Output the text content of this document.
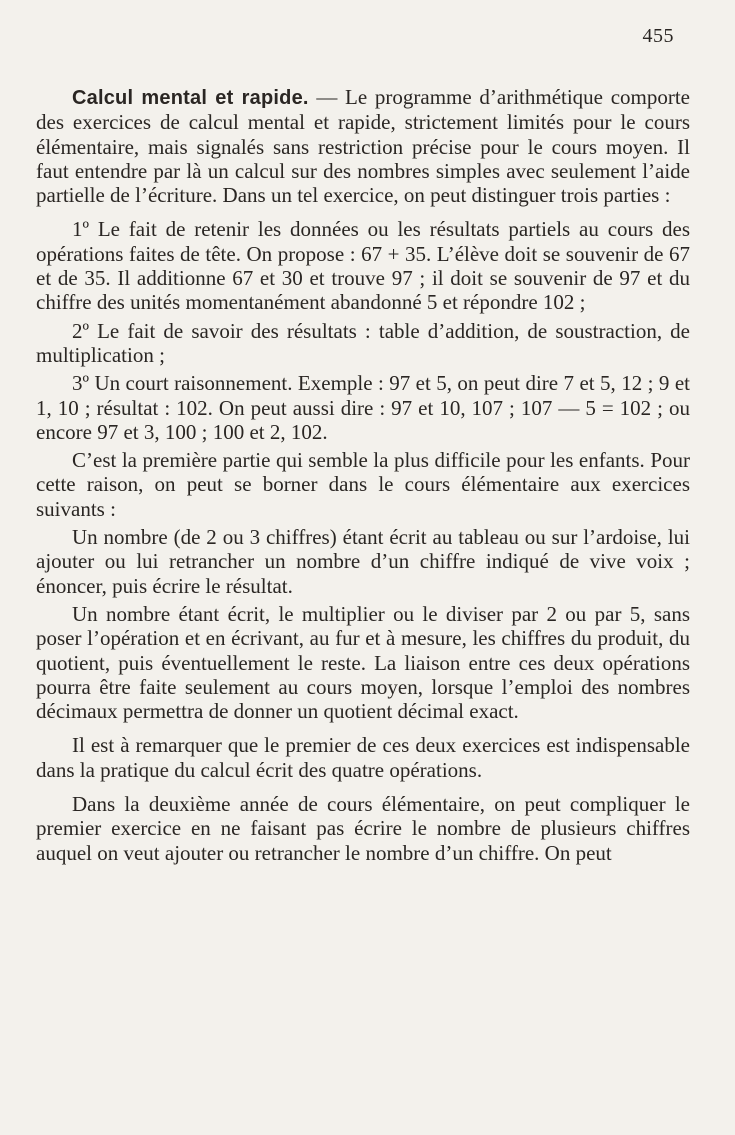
455

Calcul mental et rapide. — Le programme d’arithmétique comporte des exercices de calcul mental et rapide, strictement limités pour le cours élémentaire, mais signalés sans restriction précise pour le cours moyen. Il faut entendre par là un calcul sur des nombres simples avec seulement l’aide partielle de l’écriture. Dans un tel exercice, on peut distinguer trois parties :

1º Le fait de retenir les données ou les résultats partiels au cours des opérations faites de tête. On propose : 67 + 35. L’élève doit se souvenir de 67 et de 35. Il additionne 67 et 30 et trouve 97 ; il doit se souvenir de 97 et du chiffre des unités momentanément abandonné 5 et répondre 102 ;

2º Le fait de savoir des résultats : table d’addition, de soustraction, de multiplication ;

3º Un court raisonnement. Exemple : 97 et 5, on peut dire 7 et 5, 12 ; 9 et 1, 10 ; résultat : 102. On peut aussi dire : 97 et 10, 107 ; 107 — 5 = 102 ; ou encore 97 et 3, 100 ; 100 et 2, 102.

C’est la première partie qui semble la plus difficile pour les enfants. Pour cette raison, on peut se borner dans le cours élémentaire aux exercices suivants :

Un nombre (de 2 ou 3 chiffres) étant écrit au tableau ou sur l’ardoise, lui ajouter ou lui retrancher un nombre d’un chiffre indiqué de vive voix ; énoncer, puis écrire le résultat.

Un nombre étant écrit, le multiplier ou le diviser par 2 ou par 5, sans poser l’opération et en écrivant, au fur et à mesure, les chiffres du produit, du quotient, puis éventuellement le reste. La liaison entre ces deux opérations pourra être faite seulement au cours moyen, lorsque l’emploi des nombres décimaux permettra de donner un quotient décimal exact.

Il est à remarquer que le premier de ces deux exercices est indispensable dans la pratique du calcul écrit des quatre opérations.

Dans la deuxième année de cours élémentaire, on peut compliquer le premier exercice en ne faisant pas écrire le nombre de plusieurs chiffres auquel on veut ajouter ou retrancher le nombre d’un chiffre. On peut
